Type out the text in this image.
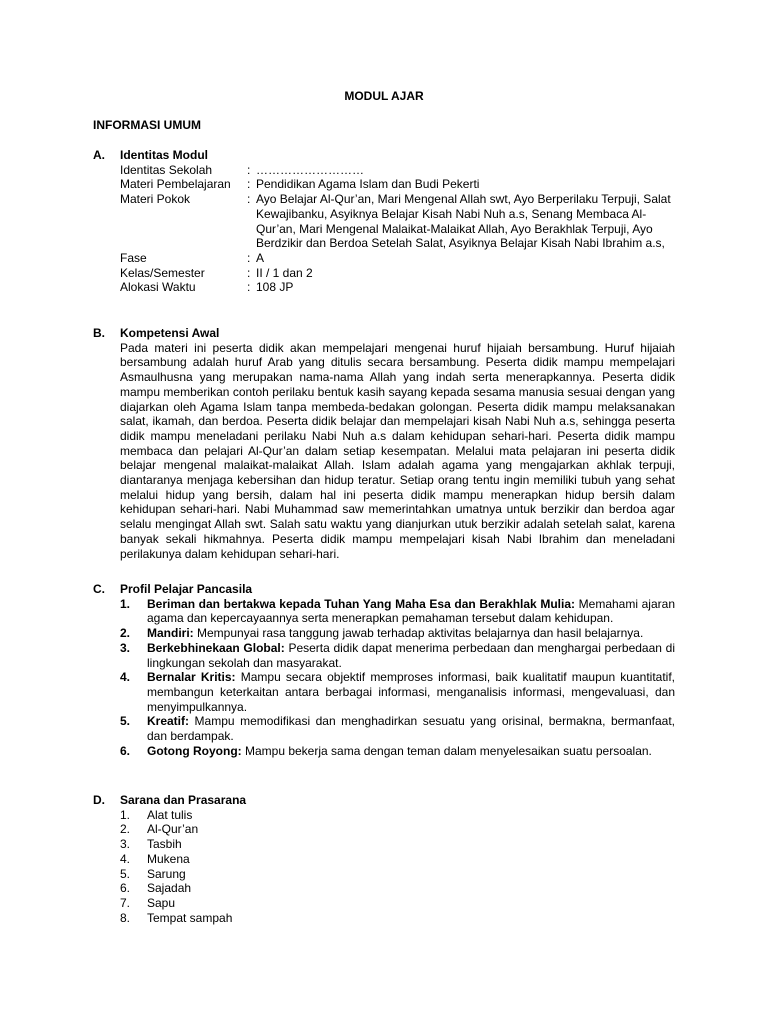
MODUL AJAR
INFORMASI UMUM
A.	Identitas Modul
Identitas Sekolah	: ………………………
Materi Pembelajaran	: Pendidikan Agama Islam dan Budi Pekerti
Materi Pokok	: Ayo Belajar Al-Qur’an, Mari Mengenal Allah swt, Ayo Berperilaku Terpuji, Salat Kewajibanku, Asyiknya Belajar Kisah Nabi Nuh a.s, Senang Membaca Al-Qur’an, Mari Mengenal Malaikat-Malaikat Allah, Ayo Berakhlak Terpuji, Ayo Berdzikir dan Berdoa Setelah Salat, Asyiknya Belajar Kisah Nabi Ibrahim a.s,
Fase	: A
Kelas/Semester	: II / 1 dan 2
Alokasi Waktu	: 108 JP
B.	Kompetensi Awal
Pada materi ini peserta didik akan mempelajari mengenai huruf hijaiah bersambung. Huruf hijaiah bersambung adalah huruf Arab yang ditulis secara bersambung. Peserta didik mampu mempelajari Asmaulhusna yang merupakan nama-nama Allah yang indah serta menerapkannya. Peserta didik mampu memberikan contoh perilaku bentuk kasih sayang kepada sesama manusia sesuai dengan yang diajarkan oleh Agama Islam tanpa membeda-bedakan golongan. Peserta didik mampu melaksanakan salat, ikamah, dan berdoa. Peserta didik belajar dan mempelajari kisah Nabi Nuh a.s, sehingga peserta didik mampu meneladani perilaku Nabi Nuh a.s dalam kehidupan sehari-hari. Peserta didik mampu membaca dan pelajari Al-Qur’an dalam setiap kesempatan. Melalui mata pelajaran ini peserta didik belajar mengenal malaikat-malaikat Allah. Islam adalah agama yang mengajarkan akhlak terpuji, diantaranya menjaga kebersihan dan hidup teratur. Setiap orang tentu ingin memiliki tubuh yang sehat melalui hidup yang bersih, dalam hal ini peserta didik mampu menerapkan hidup bersih dalam kehidupan sehari-hari. Nabi Muhammad saw memerintahkan umatnya untuk berzikir dan berdoa agar selalu mengingat Allah swt. Salah satu waktu yang dianjurkan utuk berzikir adalah setelah salat, karena banyak sekali hikmahnya. Peserta didik mampu mempelajari kisah Nabi Ibrahim dan meneladani perilakunya dalam kehidupan sehari-hari.
C.	Profil Pelajar Pancasila
1.	Beriman dan bertakwa kepada Tuhan Yang Maha Esa dan Berakhlak Mulia: Memahami ajaran agama dan kepercayaannya serta menerapkan pemahaman tersebut dalam kehidupan.
2.	Mandiri: Mempunyai rasa tanggung jawab terhadap aktivitas belajarnya dan hasil belajarnya.
3.	Berkebhinekaan Global: Peserta didik dapat menerima perbedaan dan menghargai perbedaan di lingkungan sekolah dan masyarakat.
4.	Bernalar Kritis: Mampu secara objektif memproses informasi, baik kualitatif maupun kuantitatif, membangun keterkaitan antara berbagai informasi, menganalisis informasi, mengevaluasi, dan menyimpulkannya.
5.	Kreatif: Mampu memodifikasi dan menghadirkan sesuatu yang orisinal, bermakna, bermanfaat, dan berdampak.
6.	Gotong Royong: Mampu bekerja sama dengan teman dalam menyelesaikan suatu persoalan.
D.	Sarana dan Prasarana
1.	Alat tulis
2.	Al-Qur’an
3.	Tasbih
4.	Mukena
5.	Sarung
6.	Sajadah
7.	Sapu
8.	Tempat sampah
